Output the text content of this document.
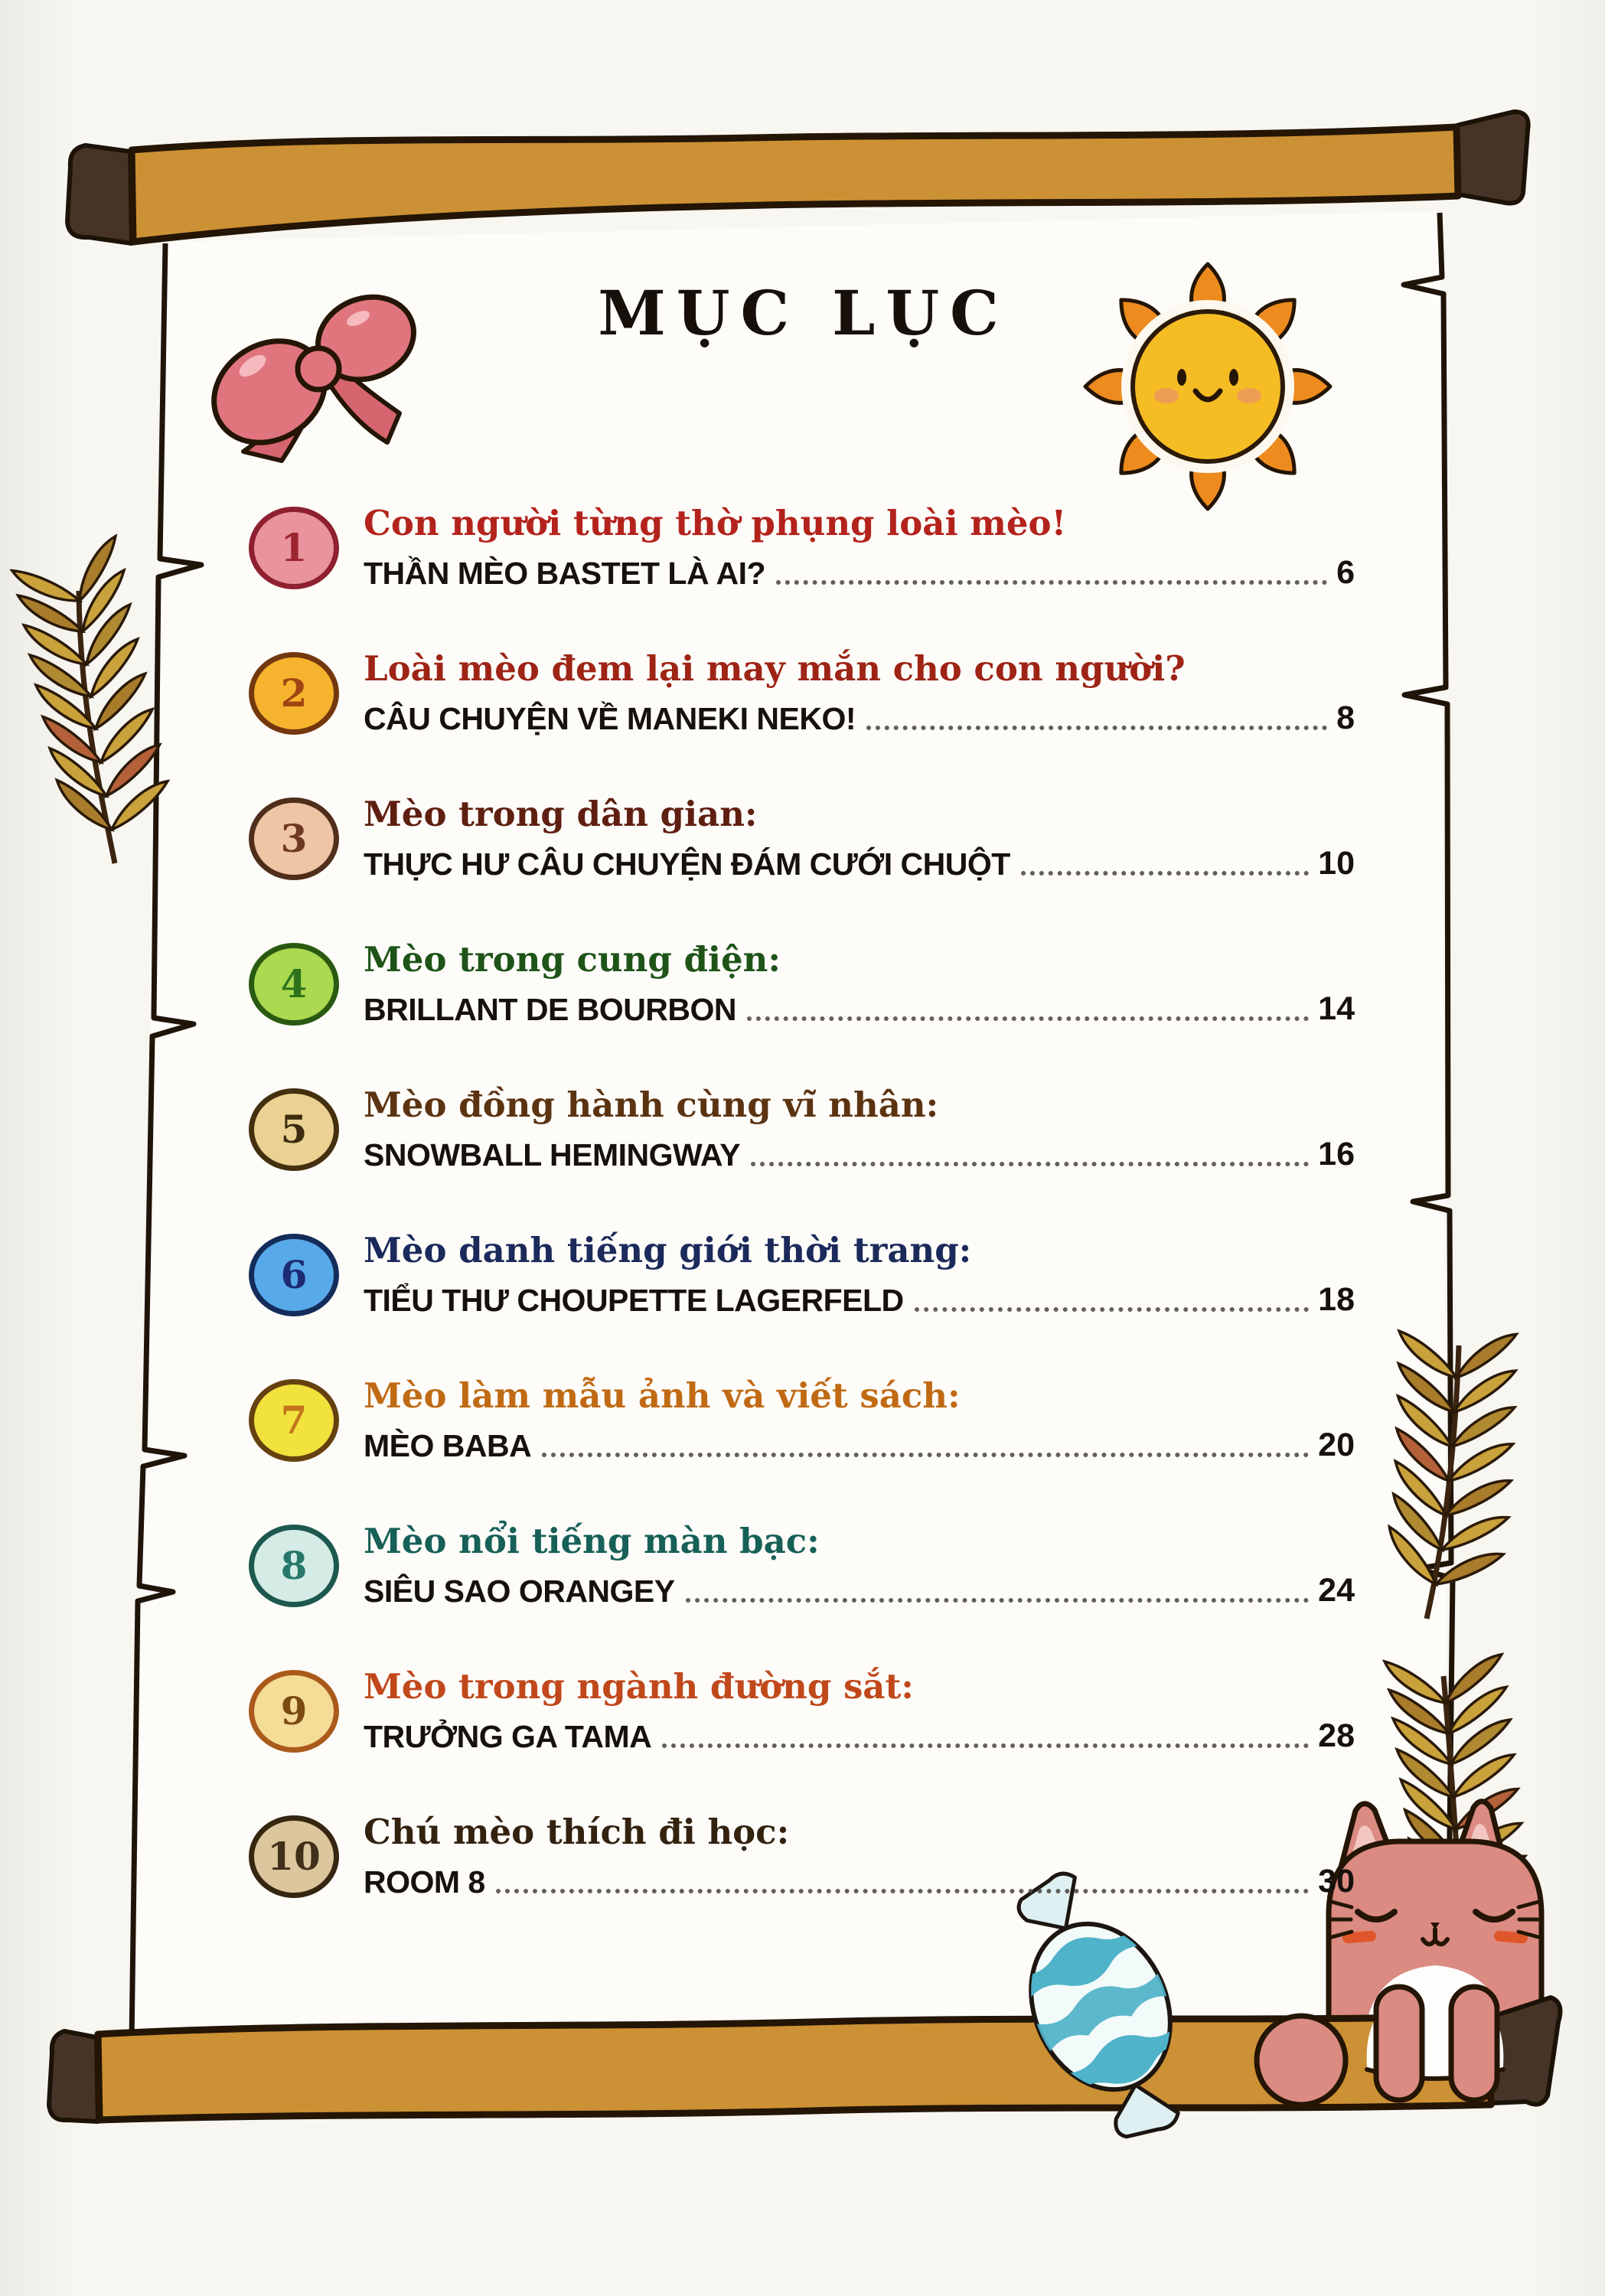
MỤC LỤC
1
Con người từng thờ phụng loài mèo!
THẦN MÈO BASTET LÀ AI?	6
2
Loài mèo đem lại may mắn cho con người?
CÂU CHUYỆN VỀ MANEKI NEKO!	8
3
Mèo trong dân gian:
THỰC HƯ CÂU CHUYỆN ĐÁM CƯỚI CHUỘT	10
4
Mèo trong cung điện:
BRILLANT DE BOURBON	14
5
Mèo đồng hành cùng vĩ nhân:
SNOWBALL HEMINGWAY	16
6
Mèo danh tiếng giới thời trang:
TIỂU THƯ CHOUPETTE LAGERFELD	18
7
Mèo làm mẫu ảnh và viết sách:
MÈO BABA	20
8
Mèo nổi tiếng màn bạc:
SIÊU SAO ORANGEY	24
9
Mèo trong ngành đường sắt:
TRƯỞNG GA TAMA	28
10
Chú mèo thích đi học:
ROOM 8	30
